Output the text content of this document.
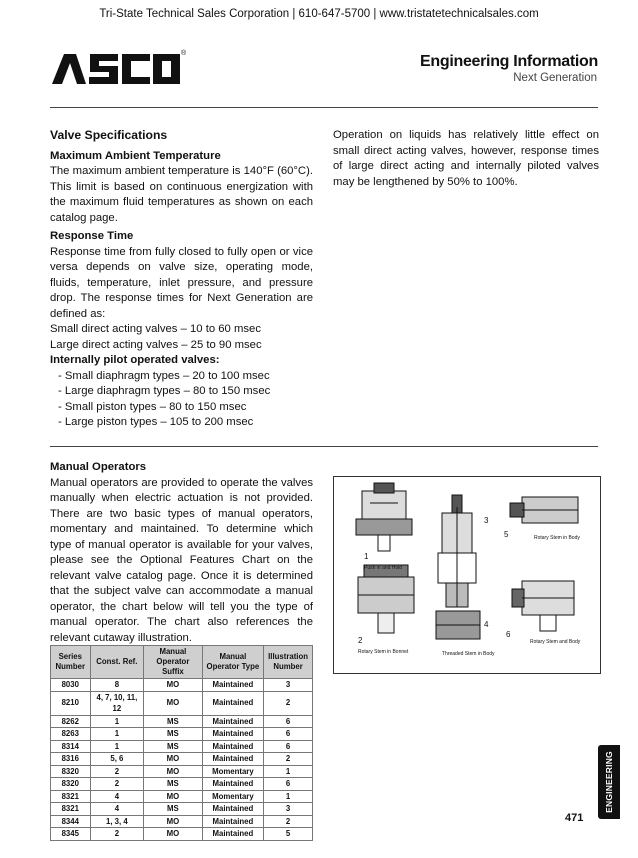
Tri-State Technical Sales Corporation | 610-647-5700 | www.tristatetechnicalsales.com
®	Engineering Information
Next Generation

Valve Specifications

Maximum Ambient Temperature

The maximum ambient temperature is 140°F (60°C). This limit is based on continuous energization with the maximum fluid temperatures as shown on each catalog page.

Response Time

Response time from fully closed to fully open or vice versa depends on valve size, operating mode, fluids, temperature, inlet pressure, and pressure drop. The response times for Next Generation are defined as:

Small direct acting valves – 10 to 60 msec

Large direct acting valves – 25 to 90 msec

Internally pilot operated valves:

- Small diaphragm types – 20 to 100 msec

- Large diaphragm types – 80 to 150 msec

- Small piston types – 80 to 150 msec

- Large piston types – 105 to 200 msec

Operation on liquids has relatively little effect on small direct acting valves, however, response times of large direct acting and internally piloted valves may be lengthened by 50% to 100%.

Manual Operators

Manual operators are provided to operate the valves manually when electric actuation is not provided. There are two basic types of manual operators, momentary and maintained. To determine which type of manual operator is available for your valves, please see the Optional Features Chart on the relevant valve catalog page. Once it is determined that the subject valve can accommodate a manual operator, the chart below will tell you the type of manual operator. The chart also references the relevant cutaway illustration.

Series Number	Const. Ref.	Manual Operator Suffix	Manual Operator Type	Illustration Number
8030	8	MO	Maintained	3
8210	4, 7, 10, 11, 12	MO	Maintained	2
8262	1	MS	Maintained	6
8263	1	MS	Maintained	6
8314	1	MS	Maintained	6
8316	5, 6	MO	Maintained	2
8320	2	MO	Momentary	1
8320	2	MS	Maintained	6
8321	4	MO	Momentary	1
8321	4	MS	Maintained	3
8344	1, 3, 4	MO	Maintained	2
8345	2	MO	Maintained	5
1
2
3
4
5
6
Push in and Hold
Rotary Stem in Bonnet	Threaded Stem in Body
Rotary Stem in Body
Rotary Stem and Body
ENGINEERING
471
